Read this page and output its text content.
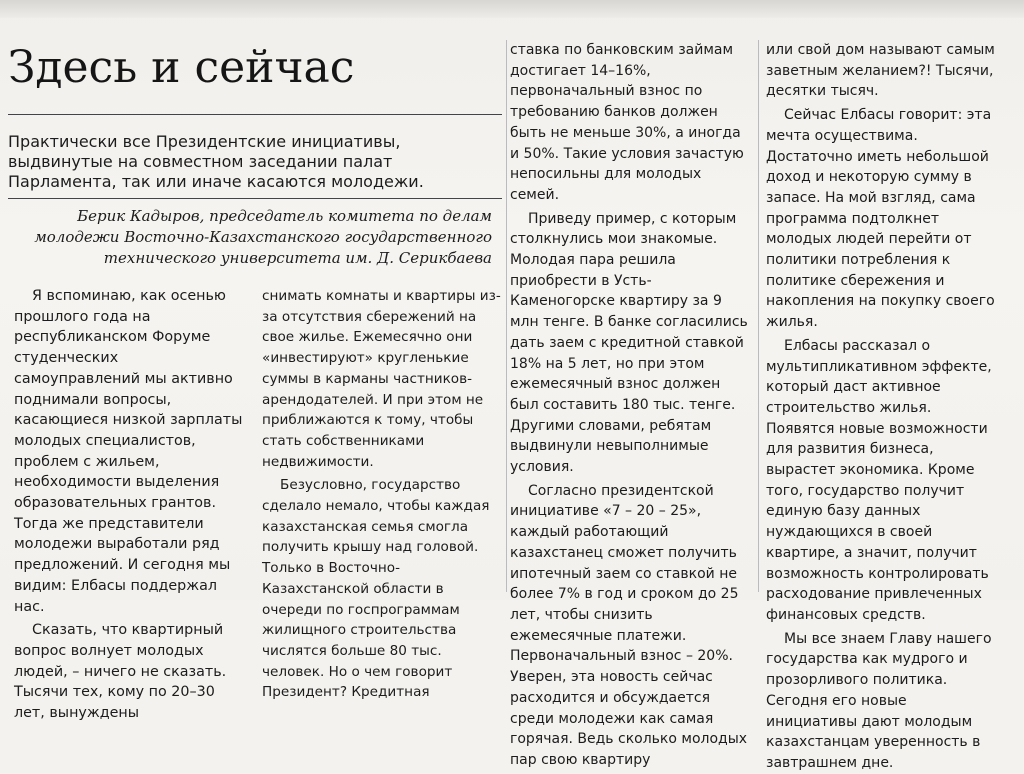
Здесь и сейчас

Практически все Президентские инициативы, выдвинутые на совместном заседании палат Парламента, так или иначе касаются молодежи.

Берик Кадыров, председатель комитета по делам молодежи Восточно-Казахстанского государственного технического университета им. Д. Серикбаева

Я вспоминаю, как осенью прошлого года на республиканском Форуме студенческих самоуправлений мы активно поднимали вопросы, касающиеся низкой зарплаты молодых специалистов, проблем с жильем, необходимости выделения образовательных грантов. Тогда же представители молодежи выработали ряд предложений. И сегодня мы видим: Елбасы поддержал нас.

Сказать, что квартирный вопрос волнует молодых людей, – ничего не сказать. Тысячи тех, кому по 20–30 лет, вынуждены

снимать комнаты и квартиры из-за отсутствия сбережений на свое жилье. Ежемесячно они «инвестируют» кругленькие суммы в карманы частников-арендодателей. И при этом не приближаются к тому, чтобы стать собственниками недвижимости.

Безусловно, государство сделало немало, чтобы каждая казахстанская семья смогла получить крышу над головой. Только в Восточно-Казахстанской области в очереди по госпрограммам жилищного строительства числятся больше 80 тыс. человек. Но о чем говорит Президент? Кредитная

ставка по банковским займам достигает 14–16%, первоначальный взнос по требованию банков должен быть не меньше 30%, а иногда и 50%. Такие условия зачастую непосильны для молодых семей.

Приведу пример, с которым столкнулись мои знакомые. Молодая пара решила приобрести в Усть-Каменогорске квартиру за 9 млн тенге. В банке согласились дать заем с кредитной ставкой 18% на 5 лет, но при этом ежемесячный взнос должен был составить 180 тыс. тенге. Другими словами, ребятам выдвинули невыполнимые условия.

Согласно президентской инициативе «7 – 20 – 25», каждый работающий казахстанец сможет получить ипотечный заем со ставкой не более 7% в год и сроком до 25 лет, чтобы снизить ежемесячные платежи. Первоначальный взнос – 20%. Уверен, эта новость сейчас расходится и обсуждается среди молодежи как самая горячая. Ведь сколько молодых пар свою квартиру

или свой дом называют самым заветным желанием?! Тысячи, десятки тысяч.

Сейчас Елбасы говорит: эта мечта осуществима. Достаточно иметь небольшой доход и некоторую сумму в запасе. На мой взгляд, сама программа подтолкнет молодых людей перейти от политики потребления к политике сбережения и накопления на покупку своего жилья.

Елбасы рассказал о мультипликативном эффекте, который даст активное строительство жилья. Появятся новые возможности для развития бизнеса, вырастет экономика. Кроме того, государство получит единую базу данных нуждающихся в своей квартире, а значит, получит возможность контролировать расходование привлеченных финансовых средств.

Мы все знаем Главу нашего государства как мудрого и прозорливого политика. Сегодня его новые инициативы дают молодым казахстанцам уверенность в завтрашнем дне.
